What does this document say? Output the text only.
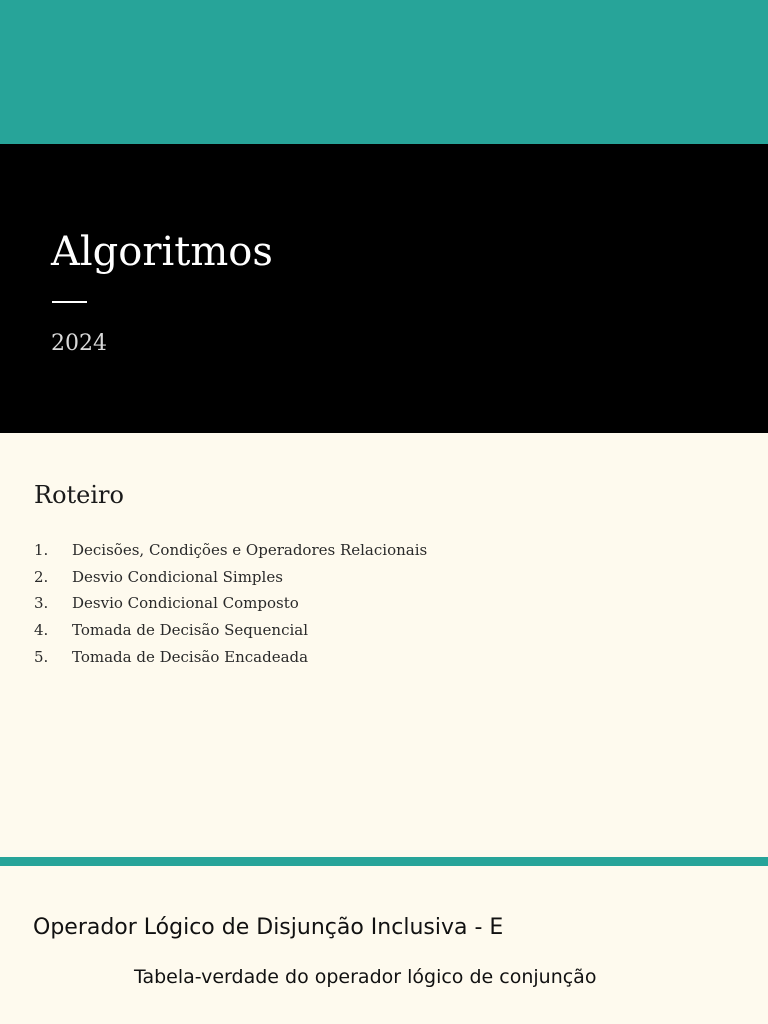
Algoritmos
2024
Roteiro
1.	Decisões, Condições e Operadores Relacionais
2.	Desvio Condicional Simples
3.	Desvio Condicional Composto
4.	Tomada de Decisão Sequencial
5.	Tomada de Decisão Encadeada
Operador Lógico de Disjunção Inclusiva - E
Tabela-verdade do operador lógico de conjunção
